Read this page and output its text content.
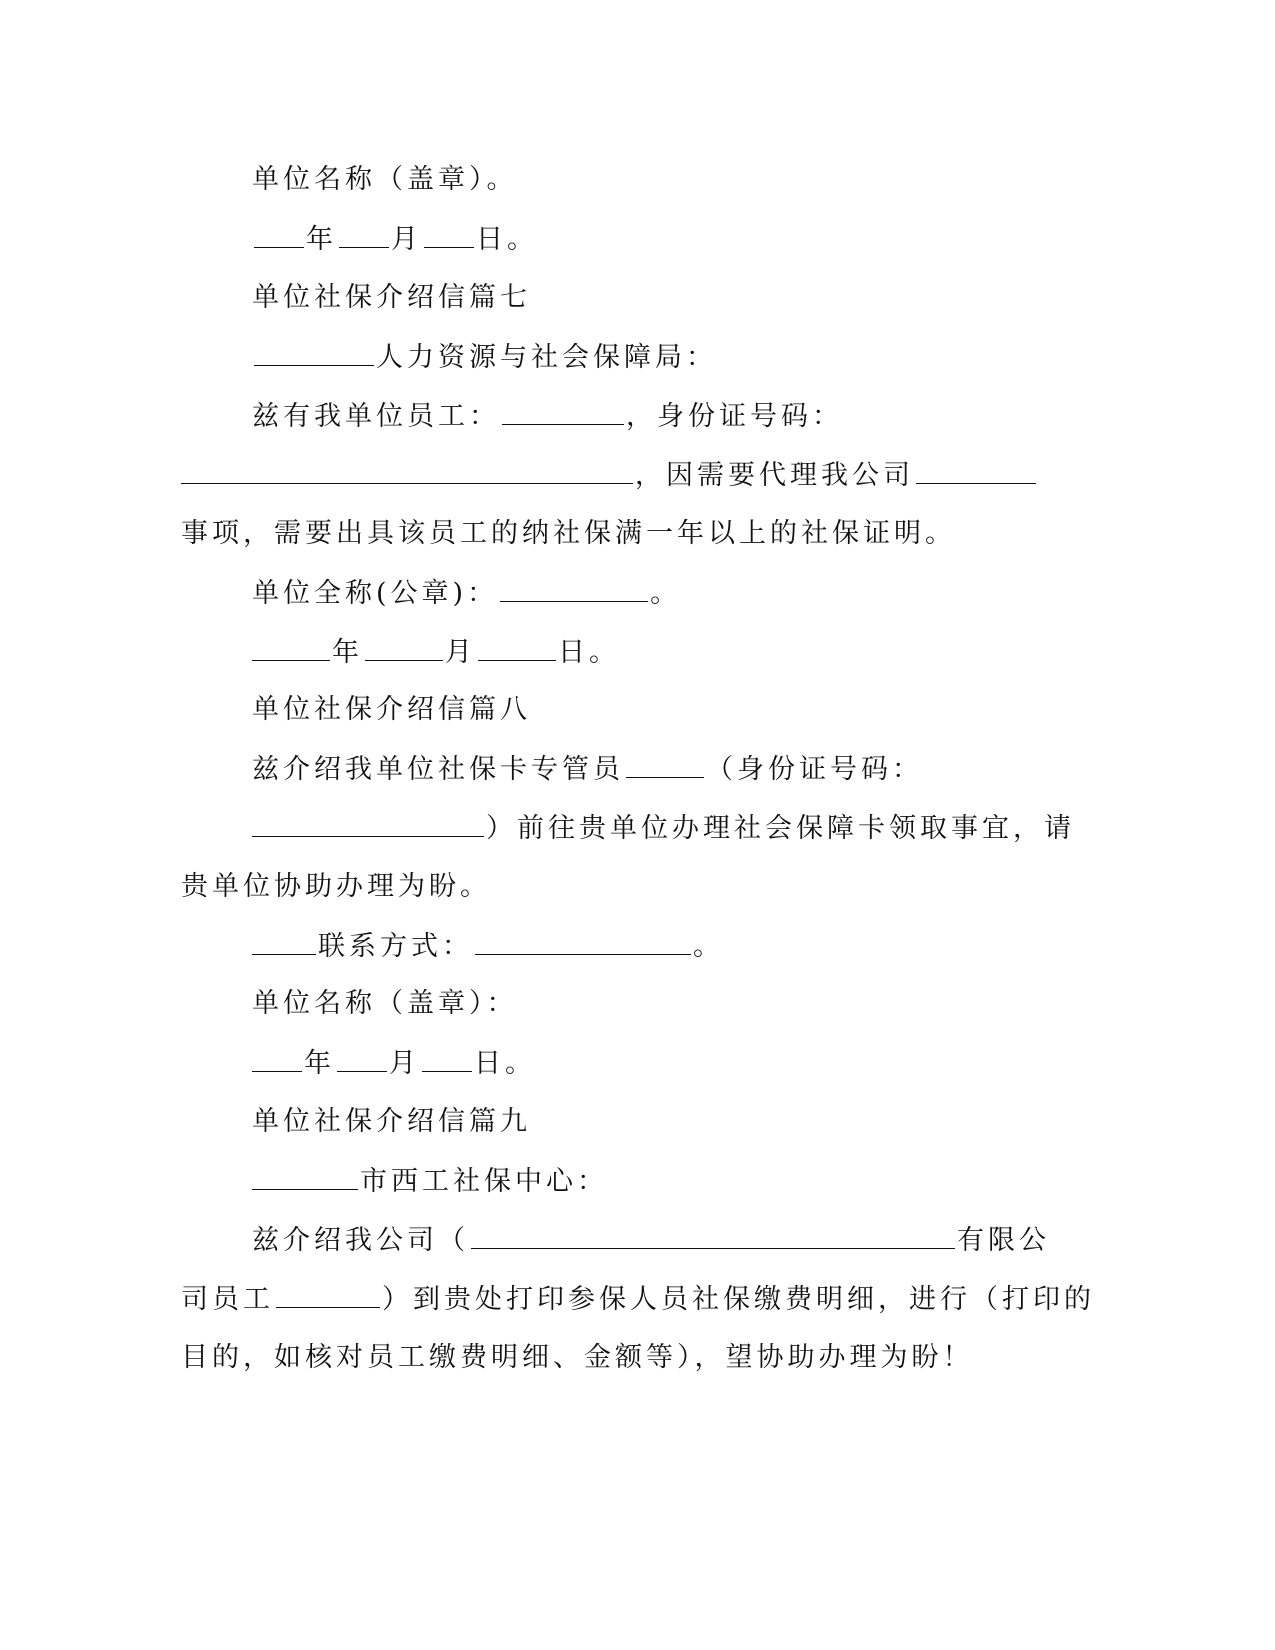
单位名称（盖章）。
年 月 日。
单位社保介绍信篇七
人力资源与社会保障局：
兹有我单位员工：	，身份证号码：
，因需要代理我公司
事项，需要出具该员工的纳社保满一年以上的社保证明。
单位全称(公章)：	。
年	月	日。
单位社保介绍信篇八
兹介绍我单位社保卡专管员	（身份证号码：
）前往贵单位办理社会保障卡领取事宜，请
贵单位协助办理为盼。
联系方式：	。
单位名称（盖章）：
年 月 日。
单位社保介绍信篇九
市西工社保中心：
兹介绍我公司（	有限公
司员工	）到贵处打印参保人员社保缴费明细，进行（打印的
目的，如核对员工缴费明细、金额等），望协助办理为盼！
